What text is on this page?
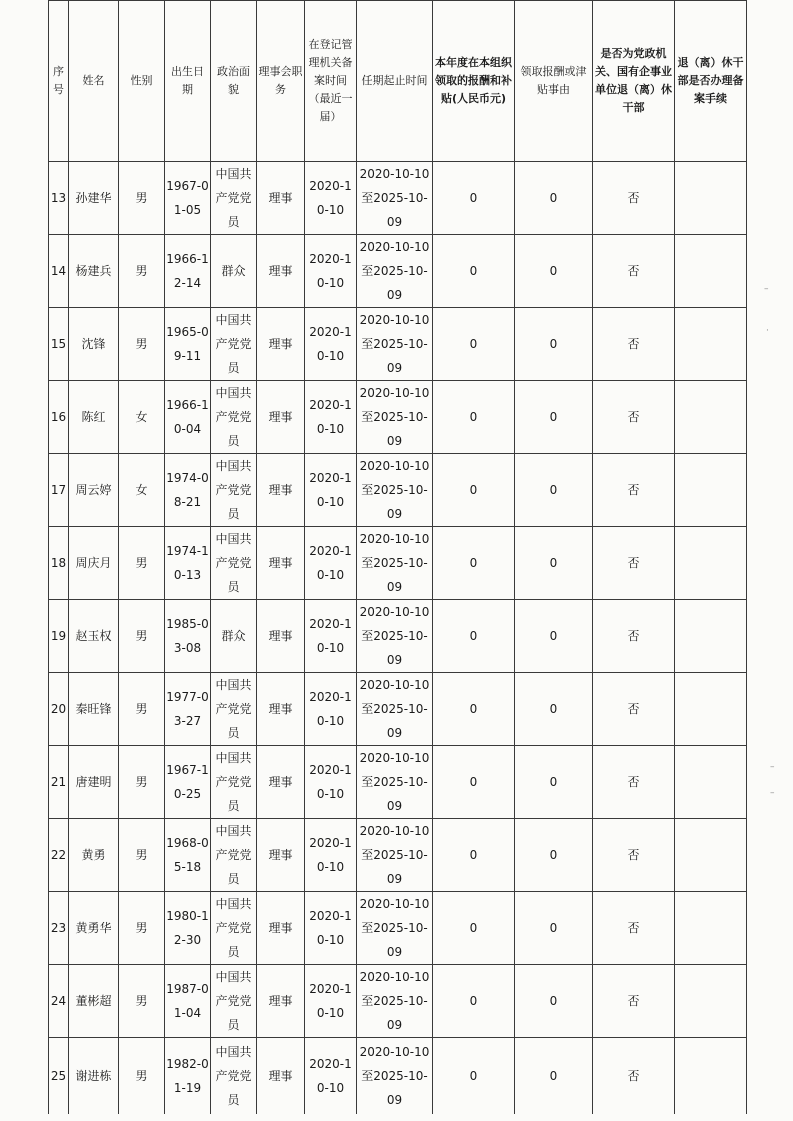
序号	姓名	性别	出生日期	政治面貌	理事会职务	在登记管理机关备案时间（最近一届）	任期起止时间	本年度在本组织领取的报酬和补贴(人民币元)	领取报酬或津贴事由	是否为党政机关、国有企事业单位退（离）休干部	退（离）休干部是否办理备案手续
13	孙建华	男	1967-01-05	中国共产党党员	理事	2020-10-10	2020-10-10至2025-10-09	0	0	否	
14	杨建兵	男	1966-12-14	群众	理事	2020-10-10	2020-10-10至2025-10-09	0	0	否	
15	沈锋	男	1965-09-11	中国共产党党员	理事	2020-10-10	2020-10-10至2025-10-09	0	0	否	
16	陈红	女	1966-10-04	中国共产党党员	理事	2020-10-10	2020-10-10至2025-10-09	0	0	否	
17	周云婷	女	1974-08-21	中国共产党党员	理事	2020-10-10	2020-10-10至2025-10-09	0	0	否	
18	周庆月	男	1974-10-13	中国共产党党员	理事	2020-10-10	2020-10-10至2025-10-09	0	0	否	
19	赵玉权	男	1985-03-08	群众	理事	2020-10-10	2020-10-10至2025-10-09	0	0	否	
20	秦旺锋	男	1977-03-27	中国共产党党员	理事	2020-10-10	2020-10-10至2025-10-09	0	0	否	
21	唐建明	男	1967-10-25	中国共产党党员	理事	2020-10-10	2020-10-10至2025-10-09	0	0	否	
22	黄勇	男	1968-05-18	中国共产党党员	理事	2020-10-10	2020-10-10至2025-10-09	0	0	否	
23	黄勇华	男	1980-12-30	中国共产党党员	理事	2020-10-10	2020-10-10至2025-10-09	0	0	否	
24	董彬超	男	1987-01-04	中国共产党党员	理事	2020-10-10	2020-10-10至2025-10-09	0	0	否	
25	谢进栋	男	1982-01-19	中国共产党党员	理事	2020-10-10	2020-10-10至2025-10-09	0	0	否	
–
·
–
–
